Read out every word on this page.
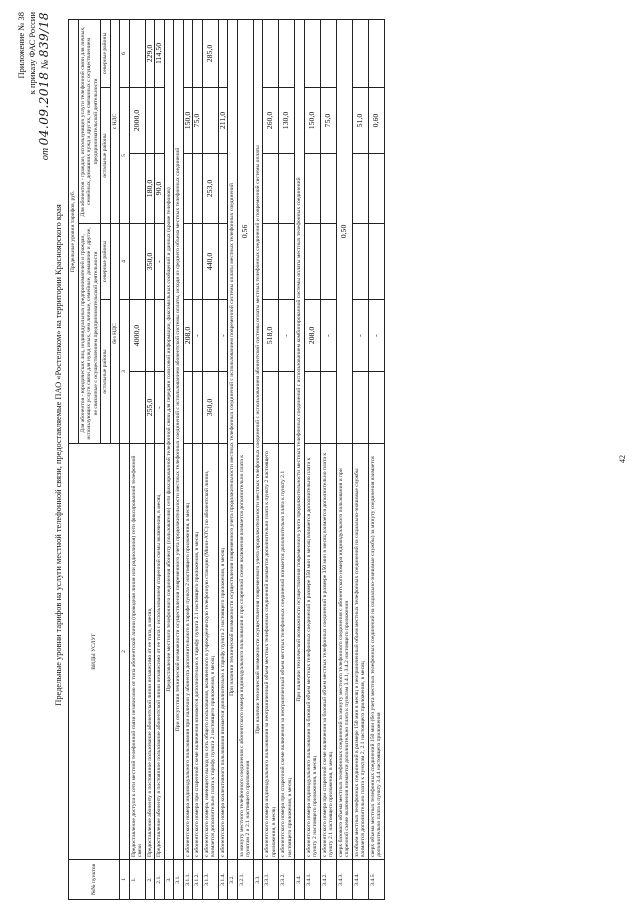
Приложение № 38 к приказу ФАС России
от 04.09.2018 № 839/18
Предельные уровни тарифов на услуги местной телефонной связи, предоставляемые ПАО «Ростелеком» на территории Красноярского края
№№ пунктов	ВИДЫ УСЛУГ	Предельные уровни тарифов, руб.					
		Для абонентов - юридических лиц, индивидуальных предпринимателей и граждан, использующих услуги связи для нужд иных, чем личные, семейные, домашние и другие, не связанные с осуществлением предпринимательской деятельности			Для абонентов - граждан, использующих услуги телефонной связи для личных, семейных, домашних нужд и других, не связанных с осуществлением предпринимательской деятельности		
		остальные районы		северные районы	остальные районы		северные районы
		без НДС			с НДС		
1	2	3		4	5		6
1.	Предоставление доступа к сети местной телефонной связи независимо от типа абонентской линии (проводная линия или радиолиния) сети фиксированной телефонной связи		4000,0			2000,0	
2.	Предоставление абоненту в постоянное пользование абонентской линии независимо от ее типа, в месяц	255,0		350,0	180,0		229,0
2.1.	Предоставление абоненту в постоянное пользование абонентской линии независимо от ее типа с использованием спаренной схемы включения, в месяц	-		-	90,0		114,50
3.	Предоставление местного телефонного соединения абоненту (пользователю) сети фиксированной телефонной связи для передачи голосовой информации, факсимильных сообщений и данных (кроме телефонов)						
3.1.	При отсутствии технической возможности осуществления повременного учета продолжительности местных телефонных соединений с использованием абонентской системы оплаты, исходя из среднего объема местных телефонных соединений						
3.1.1.	с абонентского номера индивидуального пользования при наличии у абонента дополнительного в тарифе пункта 2 настоящего приложения, в месяц		208,0			150,0	
3.1.2.	с абонентского номера при спаренной схеме включения взимается дополнительно к тарифу пункта 2.1 настоящего приложения, в месяц		-			75,0	
3.1.3.	с абонентского номера, имеющего выход на сеть общего пользования, включенного в учрежденческую телефонную станцию (Мини-АТС) по абонентской линии, взимается дополнительно плата к тарифу пункта 2 настоящего приложения, в месяц	360,0		440,0	253,0		285,0
3.1.4.	с абонентского номера коллективного пользования взимается дополнительно к тарифу пункта 2 настоящего приложения, в месяц		-			211,0	
3.2.	При наличии технической возможности осуществления повременного учета продолжительности местных телефонных соединений с использованием повременной системы оплаты местных телефонных соединений						
3.2.1.	за минуту местного телефонного соединения с абонентского номера индивидуального пользования и при спаренной схеме включения взимается дополнительно плата к пунктам 2 и 2.1 настоящего приложения	0,56					
3.3.	При наличии технической возможности осуществления повременного учета продолжительности местных телефонных соединений с использованием абонентской системы оплаты местных телефонных соединений и повременной системы оплаты						
3.3.1.	с абонентского номера индивидуального пользования за неограниченный объем местных телефонных соединений взимается дополнительно плата к пункту 2 настоящего приложения, в месяц		518,0			260,0	
3.3.2.	с абонентского номера при спаренной схеме включения за неограниченный объем местных телефонных соединений взимается дополнительно плата к пункту 2.1 настоящего приложения, в месяц		-			130,0	
3.4.	При наличии технической возможности осуществления повременного учета продолжительности местных телефонных соединений с использованием комбинированной системы оплаты местных телефонных соединений						
3.4.1.	с абонентского номера индивидуального пользования за базовый объем местных телефонных соединений в размере 350 мин в месяц взимается дополнительно плата к пункту 2 настоящего приложения, в месяц		208,0			150,0	
3.4.2.	с абонентского номера при спаренной схеме включения за базовый объем местных телефонных соединений в размере 350 мин в месяц взимается дополнительно плата к пункту 2.1 настоящего приложения, в месяц		-			75,0	
3.4.3.	сверх базового объема местных телефонных соединений за минуту местного телефонного соединения с абонентского номера индивидуального пользования и при спаренной схеме включения взимается дополнительно плата к пунктам 3.4.1, 3.4.2 настоящего приложения	0,50					
3.4.4.	за объем местных телефонных соединений в размере 150 мин в месяц и неограниченный объем местных телефонных соединений на социально-значимые службы взимается дополнительно плата к пунктам 2, 2.1 настоящего приложения, в месяц		-			51,0	
3.4.5.	сверх объема местных телефонных соединений 150 мин (без учета местных телефонных соединений на социально-значимые службы) за минуту соединения взимается дополнительно плата к пункту 3.4.4 настоящего приложения		-			0,60	
42
